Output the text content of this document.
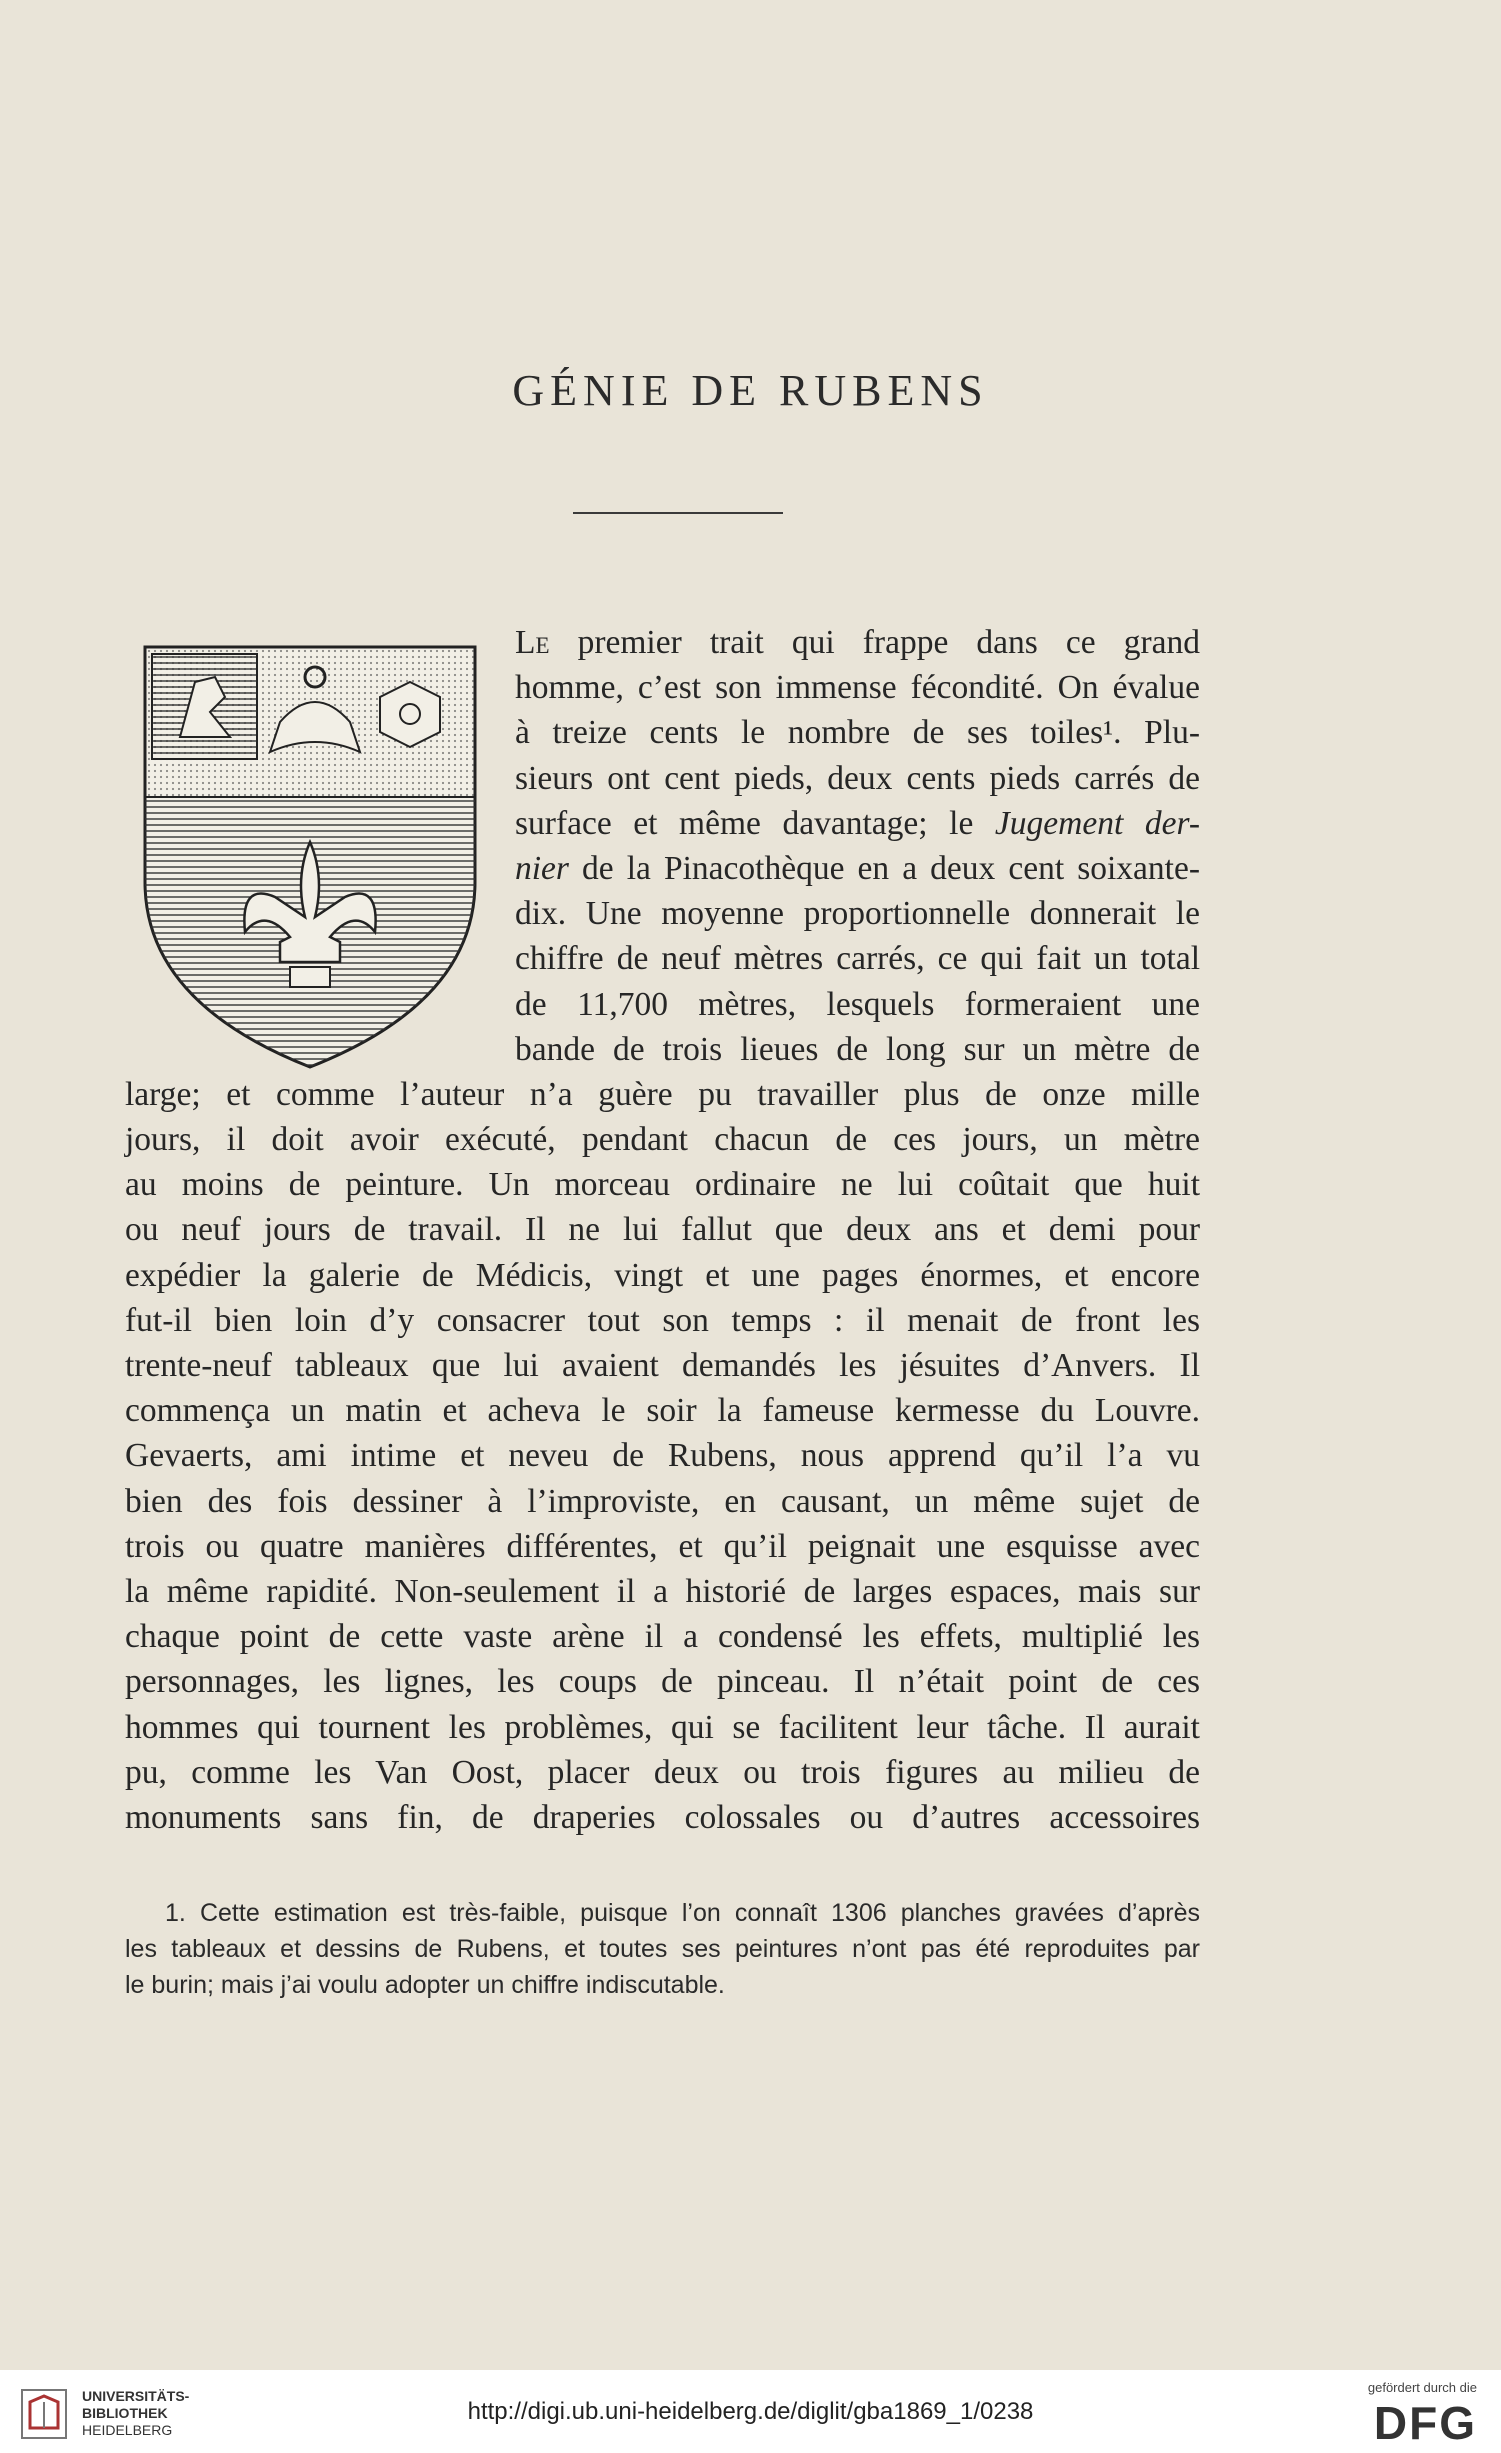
GÉNIE DE RUBENS
Le premier trait qui frappe dans ce grand
homme, c’est son immense fécondité. On évalue
à treize cents le nombre de ses toiles¹. Plu-
sieurs ont cent pieds, deux cents pieds carrés de
surface et même davantage; le Jugement der-
nier de la Pinacothèque en a deux cent soixante-
dix. Une moyenne proportionnelle donnerait le
chiffre de neuf mètres carrés, ce qui fait un total
de 11,700 mètres, lesquels formeraient une
bande de trois lieues de long sur un mètre de
large; et comme l’auteur n’a guère pu travailler plus de onze mille
jours, il doit avoir exécuté, pendant chacun de ces jours, un mètre
au moins de peinture. Un morceau ordinaire ne lui coûtait que huit
ou neuf jours de travail. Il ne lui fallut que deux ans et demi pour
expédier la galerie de Médicis, vingt et une pages énormes, et encore
fut-il bien loin d’y consacrer tout son temps : il menait de front les
trente-neuf tableaux que lui avaient demandés les jésuites d’Anvers. Il
commença un matin et acheva le soir la fameuse kermesse du Louvre.
Gevaerts, ami intime et neveu de Rubens, nous apprend qu’il l’a vu
bien des fois dessiner à l’improviste, en causant, un même sujet de
trois ou quatre manières différentes, et qu’il peignait une esquisse avec
la même rapidité. Non-seulement il a historié de larges espaces, mais sur
chaque point de cette vaste arène il a condensé les effets, multiplié les
personnages, les lignes, les coups de pinceau. Il n’était point de ces
hommes qui tournent les problèmes, qui se facilitent leur tâche. Il aurait
pu, comme les Van Oost, placer deux ou trois figures au milieu de
monuments sans fin, de draperies colossales ou d’autres accessoires
1. Cette estimation est très-faible, puisque l’on connaît 1306 planches gravées d’après
les tableaux et dessins de Rubens, et toutes ses peintures n’ont pas été reproduites par
le burin; mais j’ai voulu adopter un chiffre indiscutable.
UNIVERSITÄTS-
BIBLIOTHEK
HEIDELBERG
http://digi.ub.uni-heidelberg.de/diglit/gba1869_1/0238
gefördert durch die
DFG
